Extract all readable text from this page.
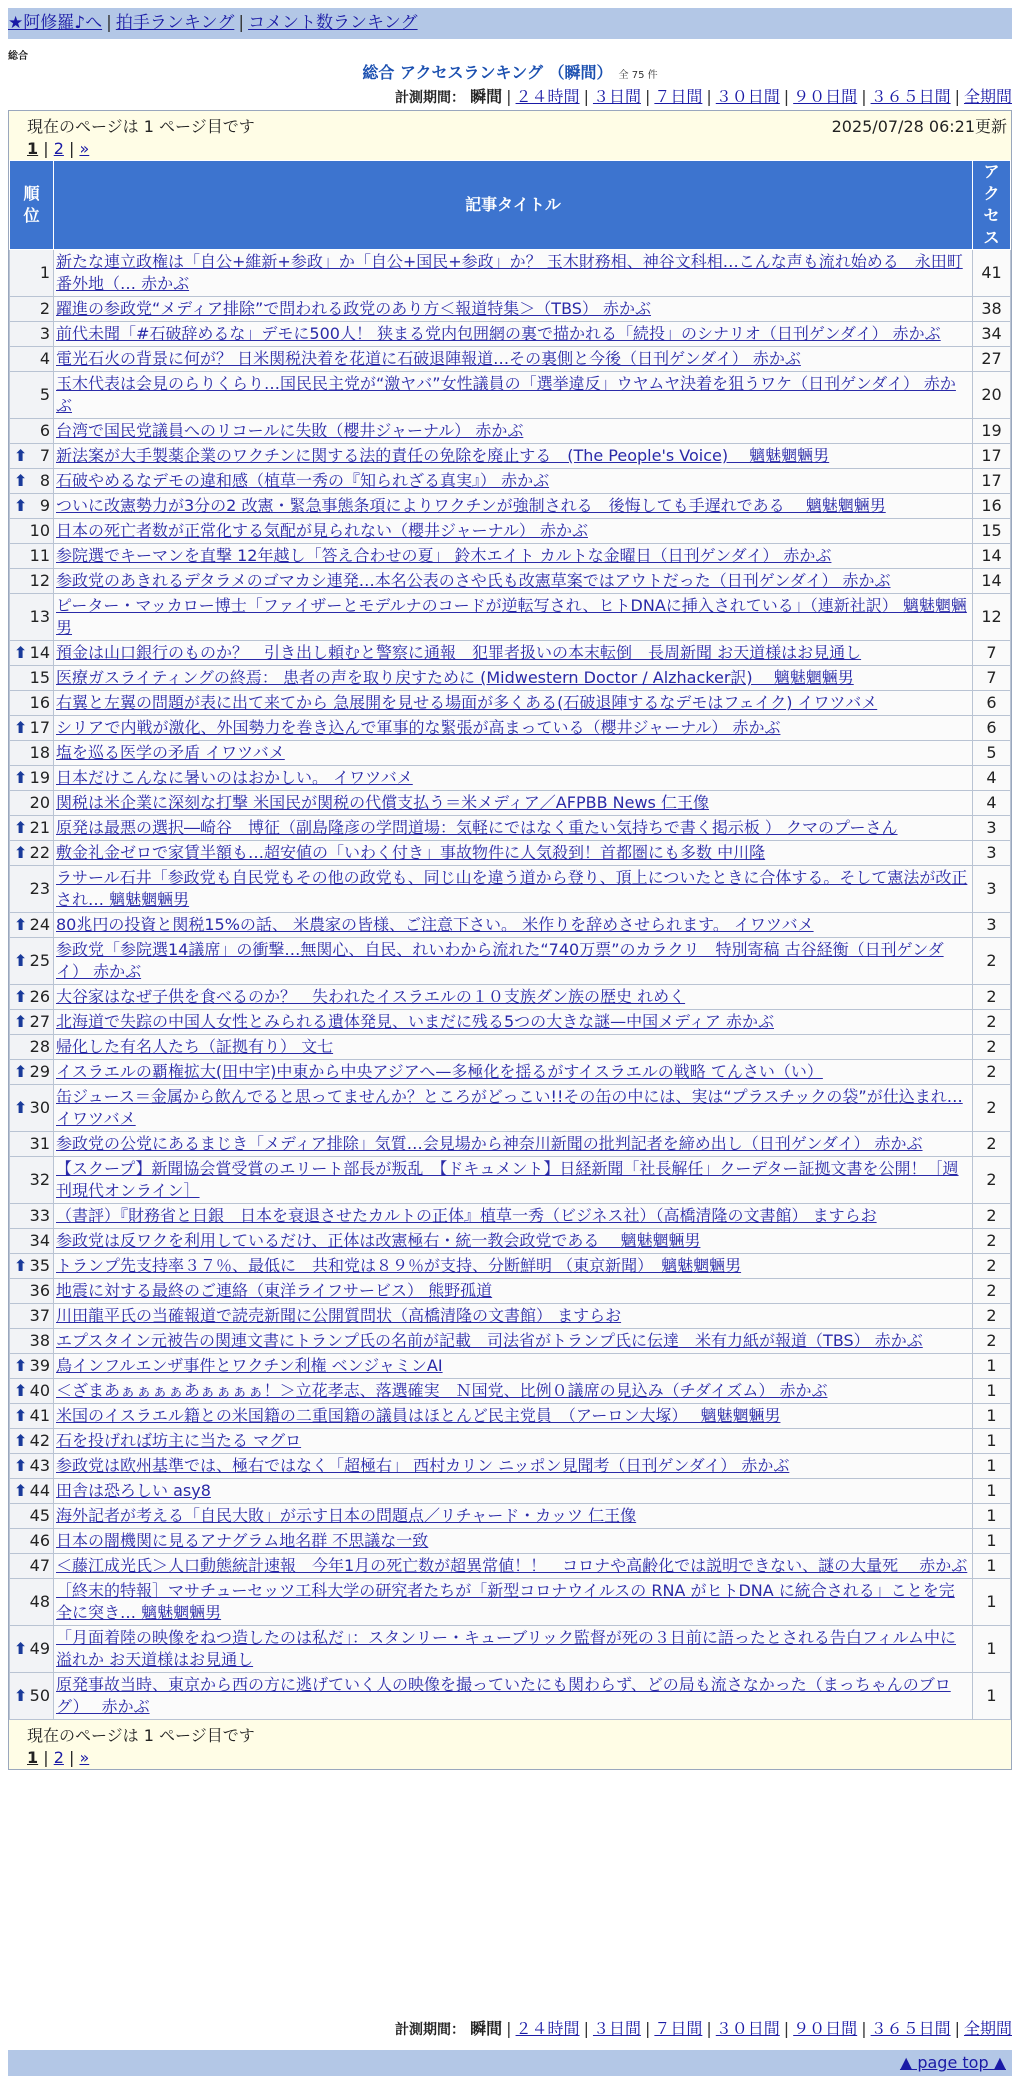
★阿修羅♪へ | 拍手ランキング | コメント数ランキング
総合
総合 アクセスランキング （瞬間） 全 75 件
計測期間： 瞬間 | ２４時間 | ３日間 | ７日間 | ３０日間 | ９０日間 | ３６５日間 | 全期間
現在のページは 1 ページ目です	2025/07/28 06:21更新
1 | 2 | »
順位	記事タイトル	アクセス
1	新たな連立政権は「自公+維新+参政」か「自公+国民+参政」か？ 玉木財務相、神谷文科相…こんな声も流れ始める　永田町番外地（… 赤かぶ	41
2	躍進の参政党“メディア排除”で問われる政党のあり方＜報道特集＞（TBS） 赤かぶ	38
3	前代未聞「#石破辞めるな」デモに500人！ 狭まる党内包囲網の裏で描かれる「続投」のシナリオ（日刊ゲンダイ） 赤かぶ	34
4	電光石火の背景に何が？ 日米関税決着を花道に石破退陣報道…その裏側と今後（日刊ゲンダイ） 赤かぶ	27
5	玉木代表は会見のらりくらり…国民民主党が“激ヤバ”女性議員の「選挙違反」ウヤムヤ決着を狙うワケ（日刊ゲンダイ） 赤かぶ	20
6	台湾で国民党議員へのリコールに失敗（櫻井ジャーナル） 赤かぶ	19

⬆ 7	新法案が大手製薬企業のワクチンに関する法的責任の免除を廃止する　(The People's Voice)　 魑魅魍魎男	17

⬆ 8	石破やめるなデモの違和感（植草一秀の『知られざる真実』） 赤かぶ	17

⬆ 9	ついに改憲勢力が3分の2 改憲・緊急事態条項によりワクチンが強制される　後悔しても手遅れである　 魑魅魍魎男	16
10	日本の死亡者数が正常化する気配が見られない（櫻井ジャーナル） 赤かぶ	15
11	参院選でキーマンを直撃 12年越し「答え合わせの夏」 鈴木エイト カルトな金曜日（日刊ゲンダイ） 赤かぶ	14
12	参政党のあきれるデタラメのゴマカシ連発…本名公表のさや氏も改憲草案ではアウトだった（日刊ゲンダイ） 赤かぶ	14
13	ピーター・マッカロー博士「ファイザーとモデルナのコードが逆転写され、ヒトDNAに挿入されている」（連新社訳） 魑魅魍魎男	12

⬆ 14	預金は山口銀行のものか？　引き出し頼むと警察に通報　犯罪者扱いの本末転倒　長周新聞 お天道様はお見通し	7
15	医療ガスライティングの終焉： 患者の声を取り戻すために (Midwestern Doctor / Alzhacker訳)　 魑魅魍魎男	7
16	右翼と左翼の問題が表に出て来てから 急展開を見せる場面が多くある(石破退陣するなデモはフェイク) イワツバメ	6

⬆ 17	シリアで内戦が激化、外国勢力を巻き込んで軍事的な緊張が高まっている（櫻井ジャーナル） 赤かぶ	6
18	塩を巡る医学の矛盾 イワツバメ	5

⬆ 19	日本だけこんなに暑いのはおかしい。 イワツバメ	4
20	関税は米企業に深刻な打撃 米国民が関税の代償支払う＝米メディア／AFPBB News 仁王像	4

⬆ 21	原発は最悪の選択―崎谷　博征（副島隆彦の学問道場：気軽にではなく重たい気持ちで書く掲示板 ） クマのプーさん	3

⬆ 22	敷金礼金ゼロで家賃半額も…超安値の「いわく付き」事故物件に人気殺到！首都圏にも多数 中川隆	3
23	ラサール石井「参政党も自民党もその他の政党も、同じ山を違う道から登り、頂上についたときに合体する。そして憲法が改正され… 魑魅魍魎男	3

⬆ 24	80兆円の投資と関税15%の話、 米農家の皆様、ご注意下さい。 米作りを辞めさせられます。 イワツバメ	3

⬆ 25	参政党「参院選14議席」の衝撃…無関心、自民、れいわから流れた“740万票”のカラクリ　特別寄稿 古谷経衡（日刊ゲンダイ） 赤かぶ	2

⬆ 26	大谷家はなぜ子供を食べるのか？　失われたイスラエルの１０支族ダン族の歴史 れめく	2

⬆ 27	北海道で失踪の中国人女性とみられる遺体発見、いまだに残る5つの大きな謎—中国メディア 赤かぶ	2
28	帰化した有名人たち（証拠有り） 文七	2

⬆ 29	イスラエルの覇権拡大(田中宇)中東から中央アジアへ—多極化を揺るがすイスラエルの戦略 てんさい（い）	2

⬆ 30	缶ジュース＝金属から飲んでると思ってませんか？ところがどっこい!!その缶の中には、実は“プラスチックの袋”が仕込まれ… イワツバメ	2
31	参政党の公党にあるまじき「メディア排除」気質…会見場から神奈川新聞の批判記者を締め出し（日刊ゲンダイ） 赤かぶ	2
32	【スクープ】新聞協会賞受賞のエリート部長が叛乱　【ドキュメント】日経新聞「社長解任」クーデター証拠文書を公開！［週刊現代オンライン］	2
33	（書評）『財務省と日銀　日本を衰退させたカルトの正体』植草一秀（ビジネス社）（高橋清隆の文書館） ますらお	2
34	参政党は反ワクを利用しているだけ、正体は改憲極右・統一教会政党である　 魑魅魍魎男	2

⬆ 35	トランプ先支持率３７％、最低に　共和党は８９％が支持、分断鮮明 （東京新聞）　魑魅魍魎男	2
36	地震に対する最終のご連絡（東洋ライフサービス） 熊野孤道	2
37	川田龍平氏の当確報道で読売新聞に公開質問状（高橋清隆の文書館） ますらお	2
38	エプスタイン元被告の関連文書にトランプ氏の名前が記載　司法省がトランプ氏に伝達　米有力紙が報道（TBS） 赤かぶ	2

⬆ 39	鳥インフルエンザ事件とワクチン利権 ベンジャミンAI	1

⬆ 40	＜ざまあぁぁぁぁあぁぁぁぁ！＞立花孝志、落選確実　Ｎ国党、比例０議席の見込み（チダイズム） 赤かぶ	1

⬆ 41	米国のイスラエル籍との米国籍の二重国籍の議員はほとんど民主党員　（アーロン大塚）　 魑魅魍魎男	1

⬆ 42	石を投げれば坊主に当たる マグロ	1

⬆ 43	参政党は欧州基準では、極右ではなく「超極右」 西村カリン ニッポン見聞考（日刊ゲンダイ） 赤かぶ	1

⬆ 44	田舎は恐ろしい asy8	1
45	海外記者が考える「自民大敗」が示す日本の問題点／リチャード・カッツ 仁王像	1
46	日本の闇機関に見るアナグラム地名群 不思議な一致	1
47	＜藤江成光氏＞人口動態統計速報　今年1月の死亡数が超異常値！！　コロナや高齢化では説明できない、謎の大量死　 赤かぶ	1
48	［終末的特報］マサチューセッツ工科大学の研究者たちが「新型コロナウイルスの RNA がヒトDNA に統合される」ことを完全に突き… 魑魅魍魎男	1

⬆ 49	「月面着陸の映像をねつ造したのは私だ」：スタンリー・キューブリック監督が死の３日前に語ったとされる告白フィルム中に溢れか お天道様はお見通し	1

⬆ 50	原発事故当時、東京から西の方に逃げていく人の映像を撮っていたにも関わらず、どの局も流さなかった（まっちゃんのブログ）　 赤かぶ	1
現在のページは 1 ページ目です
1 | 2 | »
計測期間： 瞬間 | ２４時間 | ３日間 | ７日間 | ３０日間 | ９０日間 | ３６５日間 | 全期間
▲ page top ▲
